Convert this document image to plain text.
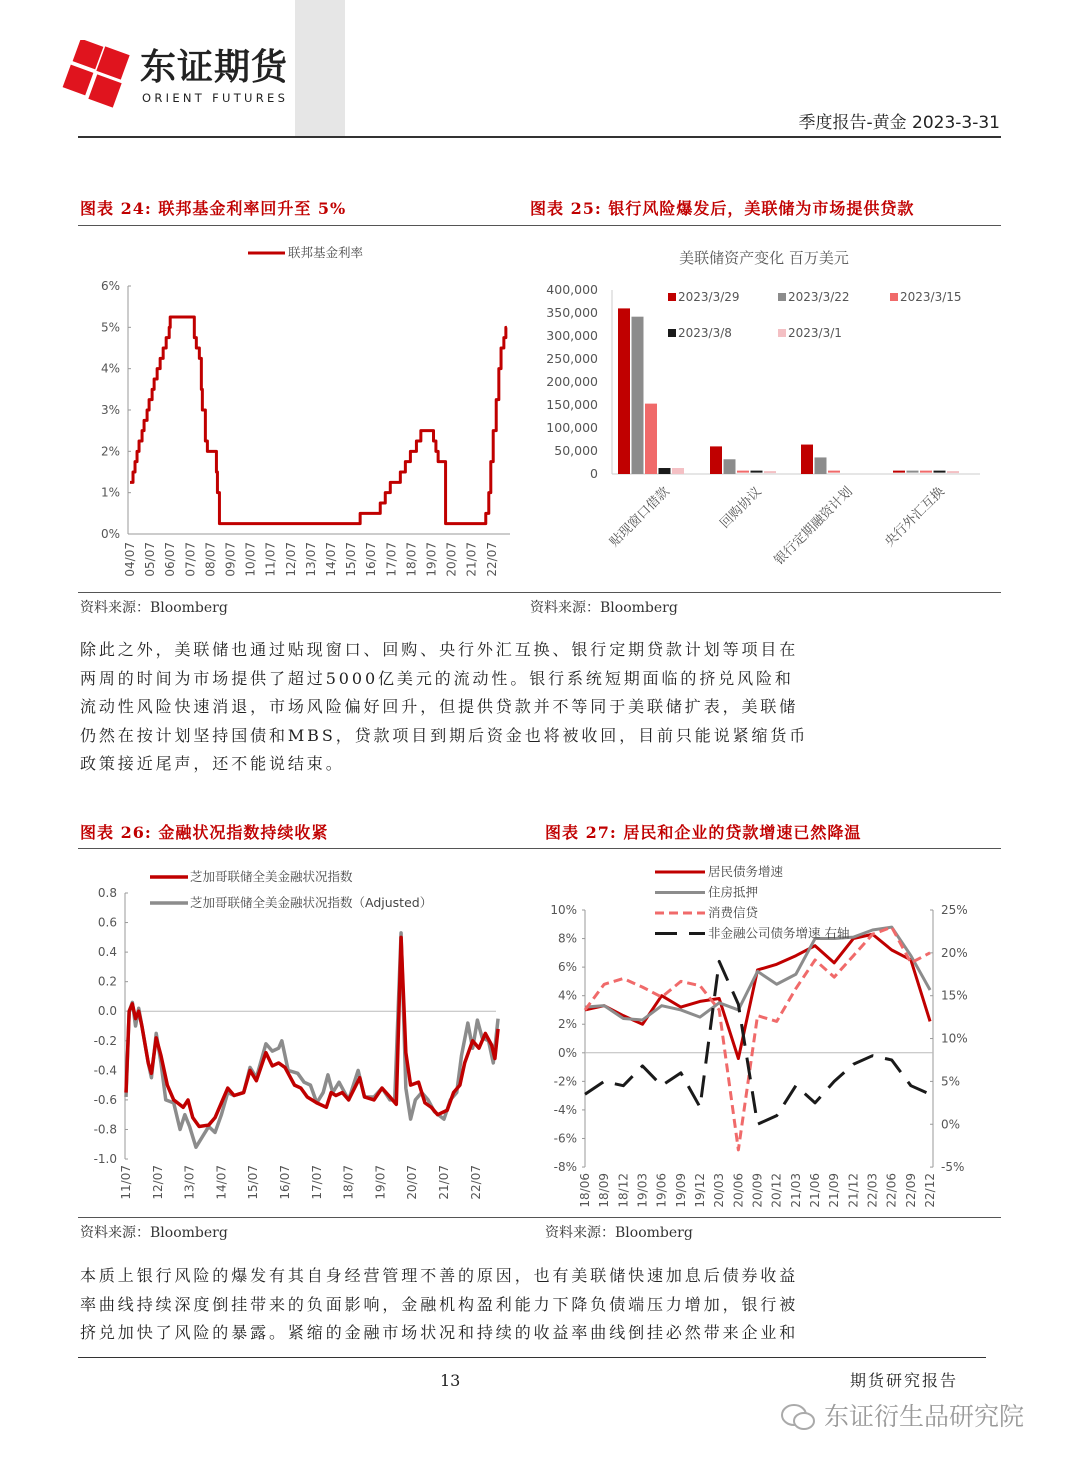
东证期货
ORIENT FUTURES
季度报告-黄金 2023-3-31
图表 24: 联邦基金利率回升至 5%	图表 25: 银行风险爆发后，美联储为市场提供贷款
0%
1%
2%
3%
4%
5%
6%
04/07 05/07 06/07 07/07 08/07 09/07 10/07 11/07 12/07 13/07 14/07 15/07 16/07 17/07 18/07 19/07 20/07 21/07 22/07
联邦基金利率	美联储资产变化 百万美元
0
50,000
100,000
150,000
200,000
250,000
300,000
350,000
400,000
贴现窗口借款	回购协议 银行定期融资计划 央行外汇互换
2023/3/29	2023/3/22	2023/3/15
2023/3/8	2023/3/1
资料来源：Bloomberg	资料来源：Bloomberg
除此之外，美联储也通过贴现窗口、回购、央行外汇互换、银行定期贷款计划等项目在
两周的时间为市场提供了超过5000亿美元的流动性。银行系统短期面临的挤兑风险和
流动性风险快速消退，市场风险偏好回升，但提供贷款并不等同于美联储扩表，美联储
仍然在按计划坚持国债和MBS，贷款项目到期后资金也将被收回，目前只能说紧缩货币
政策接近尾声，还不能说结束。
图表 26: 金融状况指数持续收紧	图表 27: 居民和企业的贷款增速已然降温
0.8
0.6
0.4
0.2
0.0
-0.2
-0.4
-0.6
-0.8
-1.0
11/07 12/07 13/07 14/07 15/07 16/07 17/07 18/07 19/07 20/07 21/07 22/07
芝加哥联储全美金融状况指数
芝加哥联储全美金融状况指数（Adjusted）	10%
8%
6%
4%
2%
0%
-2%
-4%
-6%
-8%
25%
20%
15%
10%
5%
0%
-5%
18/06 18/09 18/12 19/03 19/06 19/09 19/12 20/03 20/06 20/09 20/12 21/03 21/06 21/09 21/12 22/03 22/06 22/09 22/12
居民债务增速
住房抵押
消费信贷
非金融公司债务增速 右轴
资料来源：Bloomberg	资料来源：Bloomberg
本质上银行风险的爆发有其自身经营管理不善的原因，也有美联储快速加息后债券收益
率曲线持续深度倒挂带来的负面影响，金融机构盈利能力下降负债端压力增加，银行被
挤兑加快了风险的暴露。紧缩的金融市场状况和持续的收益率曲线倒挂必然带来企业和
13	期货研究报告
东证衍生品研究院
